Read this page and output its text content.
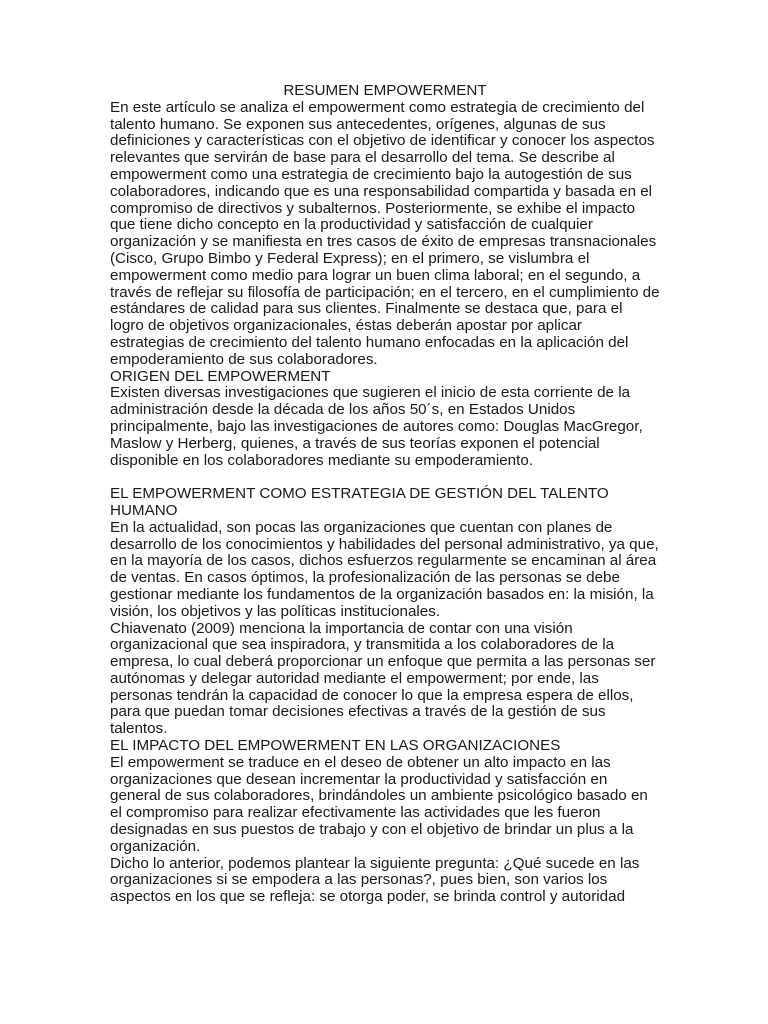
RESUMEN EMPOWERMENT

En este artículo se analiza el empowerment como estrategia de crecimiento del talento humano. Se exponen sus antecedentes, orígenes, algunas de sus definiciones y características con el objetivo de identificar y conocer los aspectos relevantes que servirán de base para el desarrollo del tema. Se describe al empowerment como una estrategia de crecimiento bajo la autogestión de sus colaboradores, indicando que es una responsabilidad compartida y basada en el compromiso de directivos y subalternos. Posteriormente, se exhibe el impacto que tiene dicho concepto en la productividad y satisfacción de cualquier organización y se manifiesta en tres casos de éxito de empresas transnacionales (Cisco, Grupo Bimbo y Federal Express); en el primero, se vislumbra el empowerment como medio para lograr un buen clima laboral; en el segundo, a través de reflejar su filosofía de participación; en el tercero, en el cumplimiento de estándares de calidad para sus clientes. Finalmente se destaca que, para el logro de objetivos organizacionales, éstas deberán apostar por aplicar estrategias de crecimiento del talento humano enfocadas en la aplicación del empoderamiento de sus colaboradores.

ORIGEN DEL EMPOWERMENT

Existen diversas investigaciones que sugieren el inicio de esta corriente de la administración desde la década de los años 50´s, en Estados Unidos principalmente, bajo las investigaciones de autores como: Douglas MacGregor, Maslow y Herberg, quienes, a través de sus teorías exponen el potencial disponible en los colaboradores mediante su empoderamiento.

EL EMPOWERMENT COMO ESTRATEGIA DE GESTIÓN DEL TALENTO HUMANO

En la actualidad, son pocas las organizaciones que cuentan con planes de desarrollo de los conocimientos y habilidades del personal administrativo, ya que, en la mayoría de los casos, dichos esfuerzos regularmente se encaminan al área de ventas. En casos óptimos, la profesionalización de las personas se debe gestionar mediante los fundamentos de la organización basados en: la misión, la visión, los objetivos y las políticas institucionales.

Chiavenato (2009) menciona la importancia de contar con una visión organizacional que sea inspiradora, y transmitida a los colaboradores de la empresa, lo cual deberá proporcionar un enfoque que permita a las personas ser autónomas y delegar autoridad mediante el empowerment; por ende, las personas tendrán la capacidad de conocer lo que la empresa espera de ellos, para que puedan tomar decisiones efectivas a través de la gestión de sus talentos.

EL IMPACTO DEL EMPOWERMENT EN LAS ORGANIZACIONES

El empowerment se traduce en el deseo de obtener un alto impacto en las organizaciones que desean incrementar la productividad y satisfacción en general de sus colaboradores, brindándoles un ambiente psicológico basado en el compromiso para realizar efectivamente las actividades que les fueron designadas en sus puestos de trabajo y con el objetivo de brindar un plus a la organización.

Dicho lo anterior, podemos plantear la siguiente pregunta: ¿Qué sucede en las organizaciones si se empodera a las personas?, pues bien, son varios los aspectos en los que se refleja: se otorga poder, se brinda control y autoridad
